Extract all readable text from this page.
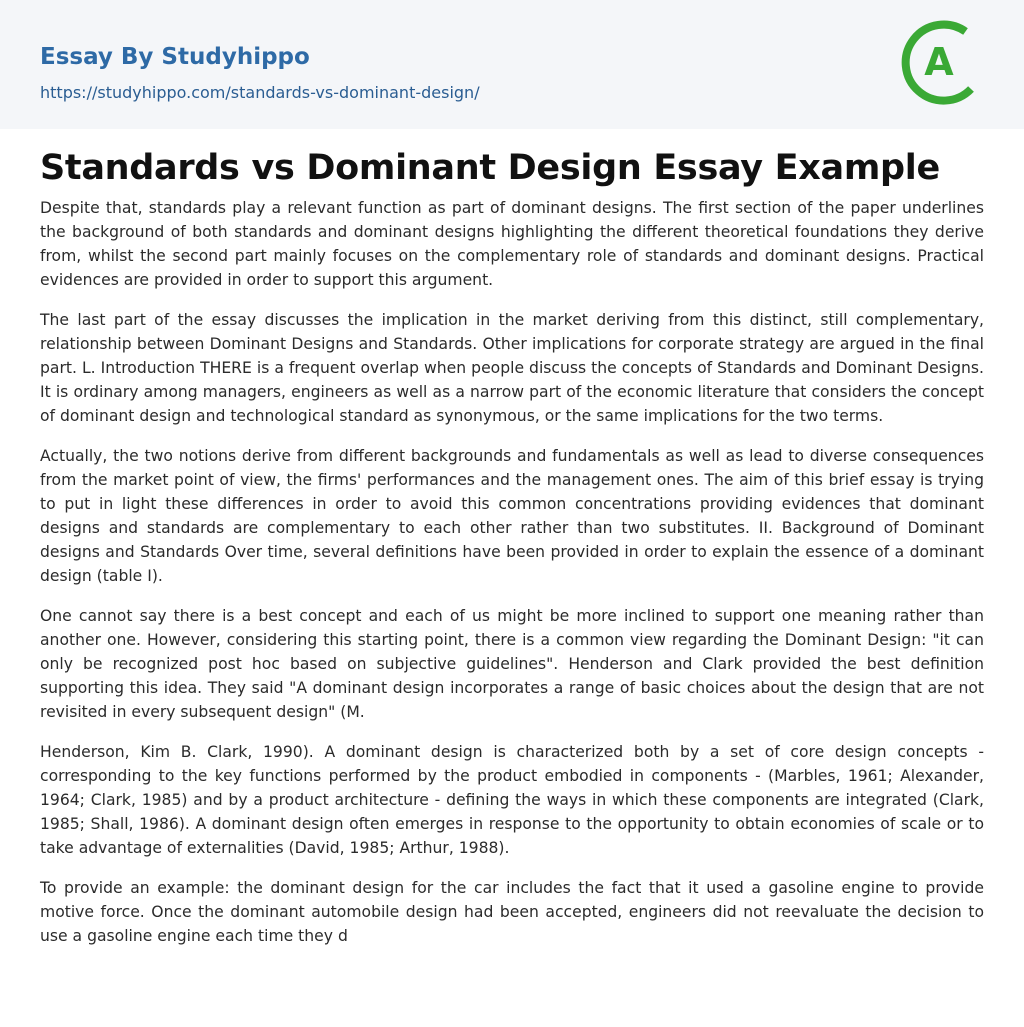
Essay By Studyhippo
https://studyhippo.com/standards-vs-dominant-design/
A
Standards vs Dominant Design Essay Example

Despite that, standards play a relevant function as part of dominant designs. The first section of the paper underlines the background of both standards and dominant designs highlighting the different theoretical foundations they derive from, whilst the second part mainly focuses on the complementary role of standards and dominant designs. Practical evidences are provided in order to support this argument.

The last part of the essay discusses the implication in the market deriving from this distinct, still complementary, relationship between Dominant Designs and Standards. Other implications for corporate strategy are argued in the final part. L. Introduction THERE is a frequent overlap when people discuss the concepts of Standards and Dominant Designs. It is ordinary among managers, engineers as well as a narrow part of the economic literature that considers the concept of dominant design and technological standard as synonymous, or the same implications for the two terms.

Actually, the two notions derive from different backgrounds and fundamentals as well as lead to diverse consequences from the market point of view, the firms' performances and the management ones. The aim of this brief essay is trying to put in light these differences in order to avoid this common concentrations providing evidences that dominant designs and standards are complementary to each other rather than two substitutes. II. Background of Dominant designs and Standards Over time, several definitions have been provided in order to explain the essence of a dominant design (table I).

One cannot say there is a best concept and each of us might be more inclined to support one meaning rather than another one. However, considering this starting point, there is a common view regarding the Dominant Design: "it can only be recognized post hoc based on subjective guidelines". Henderson and Clark provided the best definition supporting this idea. They said "A dominant design incorporates a range of basic choices about the design that are not revisited in every subsequent design" (M.

Henderson, Kim B. Clark, 1990). A dominant design is characterized both by a set of core design concepts - corresponding to the key functions performed by the product embodied in components - (Marbles, 1961; Alexander, 1964; Clark, 1985) and by a product architecture - defining the ways in which these components are integrated (Clark, 1985; Shall, 1986). A dominant design often emerges in response to the opportunity to obtain economies of scale or to take advantage of externalities (David, 1985; Arthur, 1988).

To provide an example: the dominant design for the car includes the fact that it used a gasoline engine to provide motive force. Once the dominant automobile design had been accepted, engineers did not reevaluate the decision to use a gasoline engine each time they d
